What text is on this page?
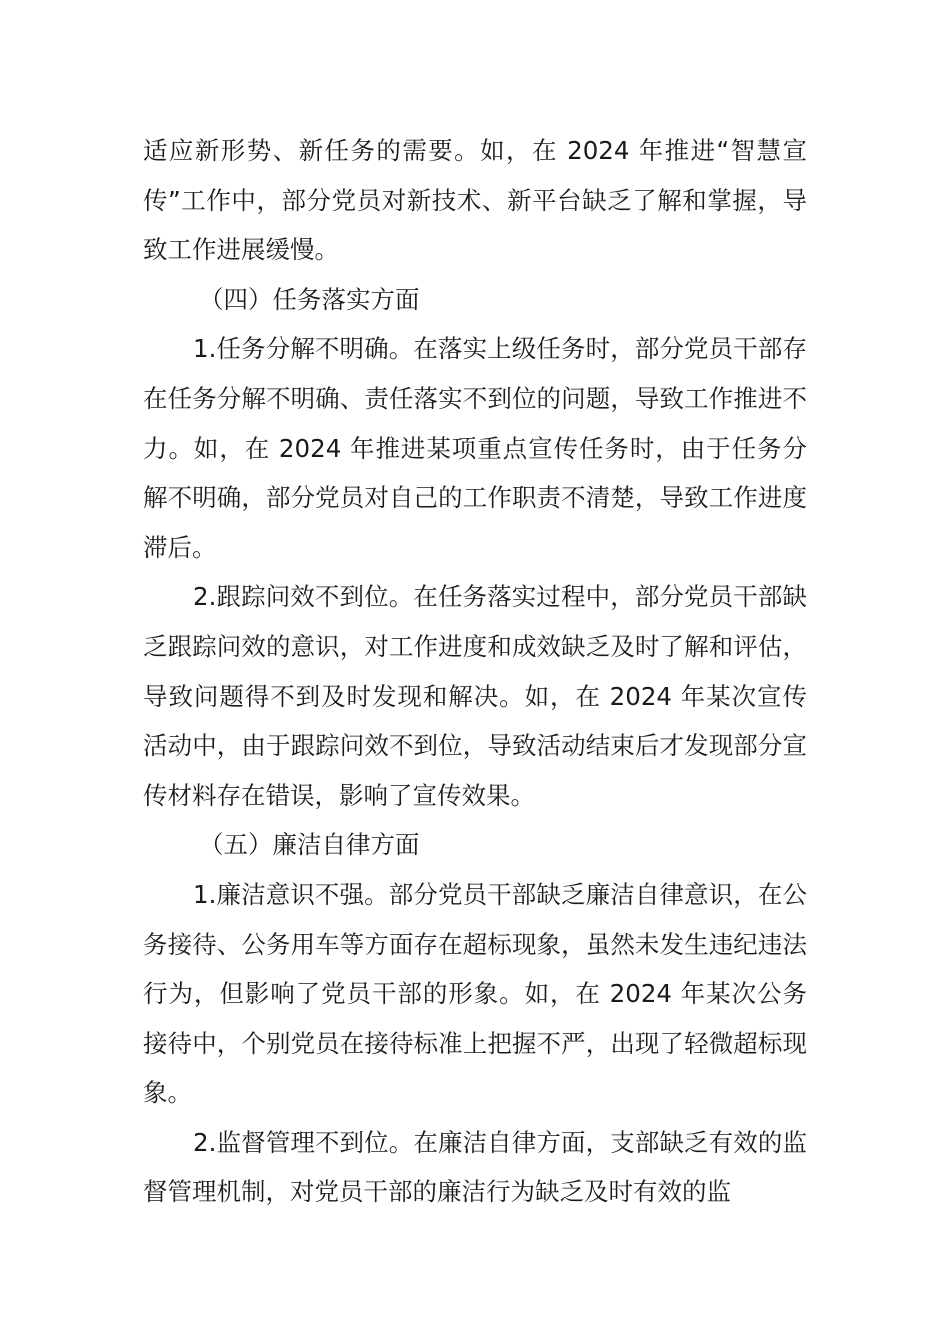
适应新形势、新任务的需要。如，在 2024 年推进“智慧宣传”工作中，部分党员对新技术、新平台缺乏了解和掌握，导致工作进展缓慢。

（四）任务落实方面

1.任务分解不明确。在落实上级任务时，部分党员干部存在任务分解不明确、责任落实不到位的问题，导致工作推进不力。如，在 2024 年推进某项重点宣传任务时，由于任务分解不明确，部分党员对自己的工作职责不清楚，导致工作进度滞后。

2.跟踪问效不到位。在任务落实过程中，部分党员干部缺乏跟踪问效的意识，对工作进度和成效缺乏及时了解和评估，导致问题得不到及时发现和解决。如，在 2024 年某次宣传活动中，由于跟踪问效不到位，导致活动结束后才发现部分宣传材料存在错误，影响了宣传效果。

（五）廉洁自律方面

1.廉洁意识不强。部分党员干部缺乏廉洁自律意识，在公务接待、公务用车等方面存在超标现象，虽然未发生违纪违法行为，但影响了党员干部的形象。如，在 2024 年某次公务接待中，个别党员在接待标准上把握不严，出现了轻微超标现象。

2.监督管理不到位。在廉洁自律方面，支部缺乏有效的监督管理机制，对党员干部的廉洁行为缺乏及时有效的监
